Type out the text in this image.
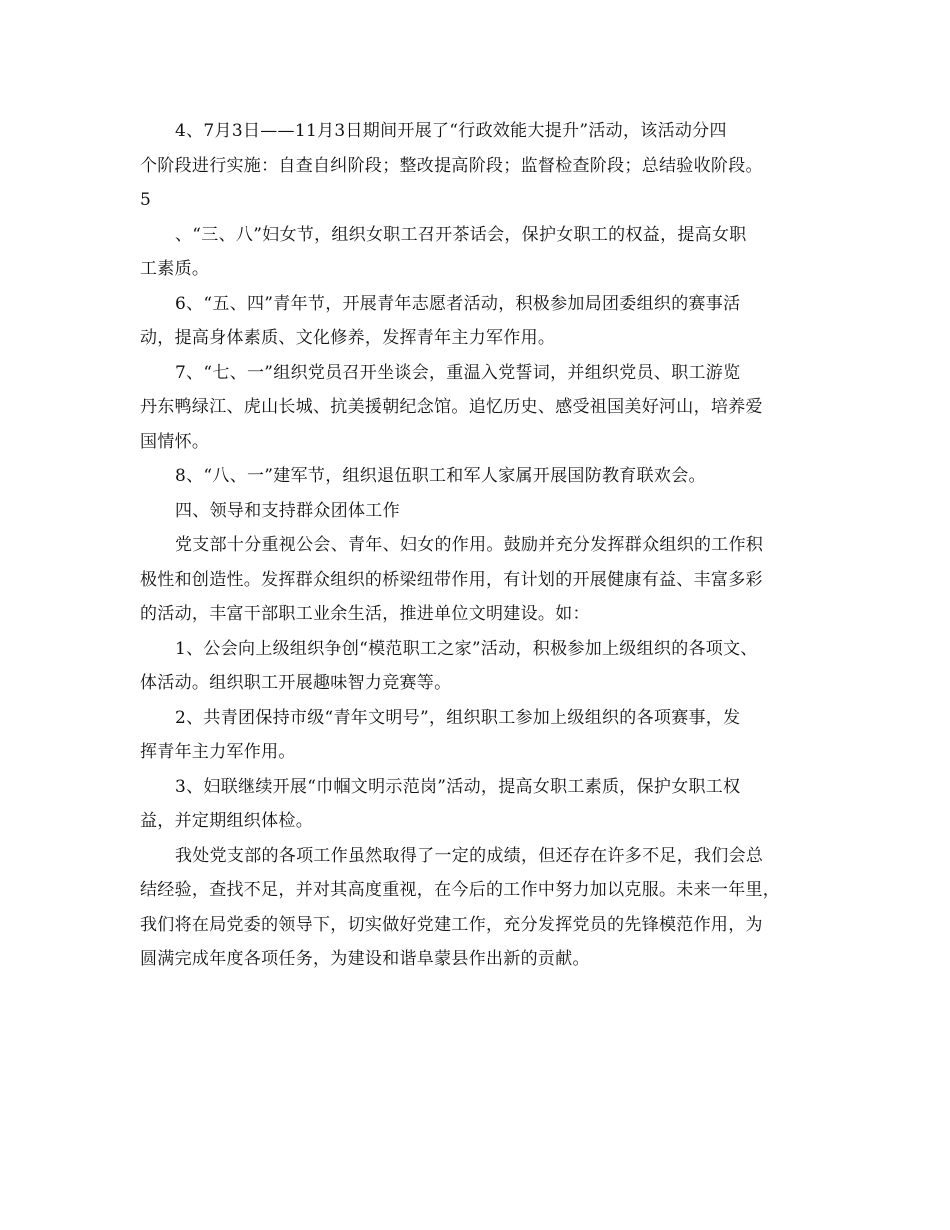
4、7月3日——11月3日期间开展了“行政效能大提升”活动，该活动分四
个阶段进行实施：自查自纠阶段；整改提高阶段；监督检查阶段；总结验收阶段。
5
、“三、八”妇女节，组织女职工召开茶话会，保护女职工的权益，提高女职
工素质。
6、“五、四”青年节，开展青年志愿者活动，积极参加局团委组织的赛事活
动，提高身体素质、文化修养，发挥青年主力军作用。
7、“七、一”组织党员召开坐谈会，重温入党誓词，并组织党员、职工游览
丹东鸭绿江、虎山长城、抗美援朝纪念馆。追忆历史、感受祖国美好河山，培养爱
国情怀。
8、“八、一”建军节，组织退伍职工和军人家属开展国防教育联欢会。
四、领导和支持群众团体工作
党支部十分重视公会、青年、妇女的作用。鼓励并充分发挥群众组织的工作积
极性和创造性。发挥群众组织的桥梁纽带作用，有计划的开展健康有益、丰富多彩
的活动，丰富干部职工业余生活，推进单位文明建设。如：
1、公会向上级组织争创“模范职工之家”活动，积极参加上级组织的各项文、
体活动。组织职工开展趣味智力竞赛等。
2、共青团保持市级“青年文明号”，组织职工参加上级组织的各项赛事，发
挥青年主力军作用。
3、妇联继续开展“巾帼文明示范岗”活动，提高女职工素质，保护女职工权
益，并定期组织体检。
我处党支部的各项工作虽然取得了一定的成绩，但还存在许多不足，我们会总
结经验，查找不足，并对其高度重视，在今后的工作中努力加以克服。未来一年里，
我们将在局党委的领导下，切实做好党建工作，充分发挥党员的先锋模范作用，为
圆满完成年度各项任务，为建设和谐阜蒙县作出新的贡献。
